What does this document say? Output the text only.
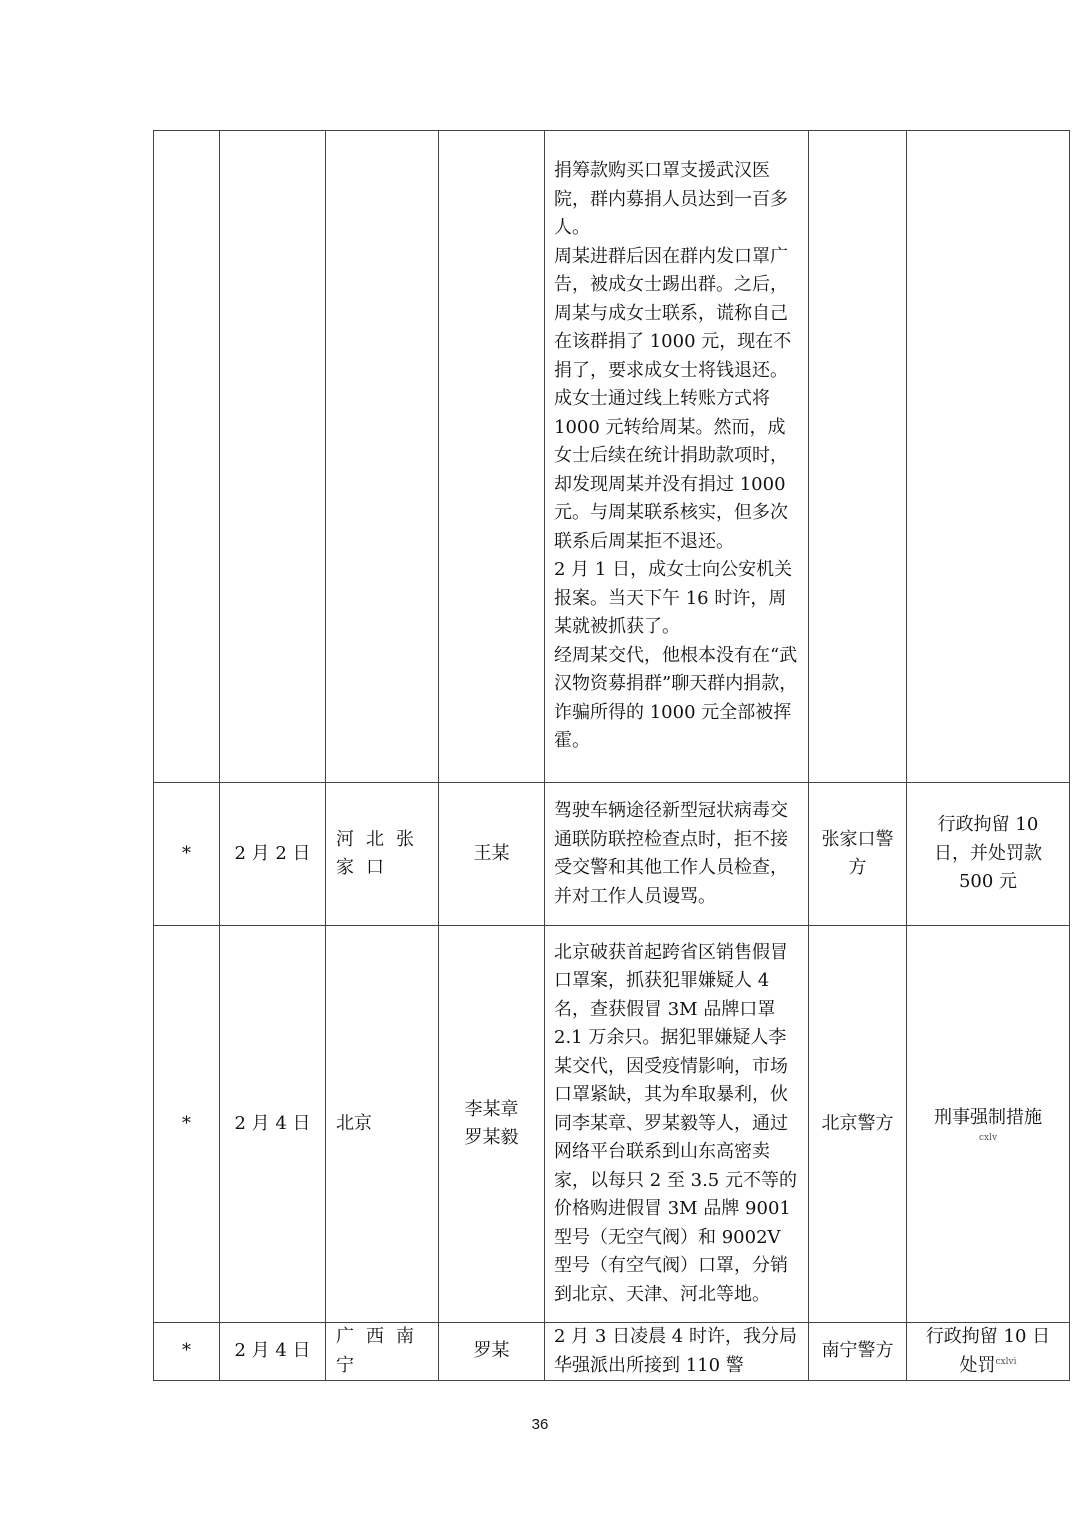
				捐筹款购买口罩支援武汉医院，群内募捐人员达到一百多人。

周某进群后因在群内发口罩广告，被成女士踢出群。之后，周某与成女士联系，谎称自己在该群捐了 1000 元，现在不捐了，要求成女士将钱退还。

成女士通过线上转账方式将 1000 元转给周某。然而，成女士后续在统计捐助款项时，却发现周某并没有捐过 1000 元。与周某联系核实，但多次联系后周某拒不退还。

2 月 1 日，成女士向公安机关报案。当天下午 16 时许，周某就被抓获了。

经周某交代，他根本没有在“武汉物资募捐群”聊天群内捐款，诈骗所得的 1000 元全部被挥霍。		

*	2 月 2 日	河北张
家口	王某	驾驶车辆途径新型冠状病毒交通联防联控检查点时，拒不接受交警和其他工作人员检查，并对工作人员谩骂。	张家口警
方	行政拘留 10
日，并处罚款
500 元

*	2 月 4 日	北京	李某章
罗某毅	北京破获首起跨省区销售假冒口罩案，抓获犯罪嫌疑人 4 名，查获假冒 3M 品牌口罩 2.1 万余只。据犯罪嫌疑人李某交代，因受疫情影响，市场口罩紧缺，其为牟取暴利，伙同李某章、罗某毅等人，通过网络平台联系到山东高密卖家，以每只 2 至 3.5 元不等的价格购进假冒 3M 品牌 9001 型号（无空气阀）和 9002V 型号（有空气阀）口罩，分销到北京、天津、河北等地。	北京警方	刑事强制措施
cxlv

*	2 月 4 日	广西南
宁	罗某	2 月 3 日凌晨 4 时许，我分局华强派出所接到 110 警	南宁警方	行政拘留 10 日
处罚$^{cxlvi}$
36
